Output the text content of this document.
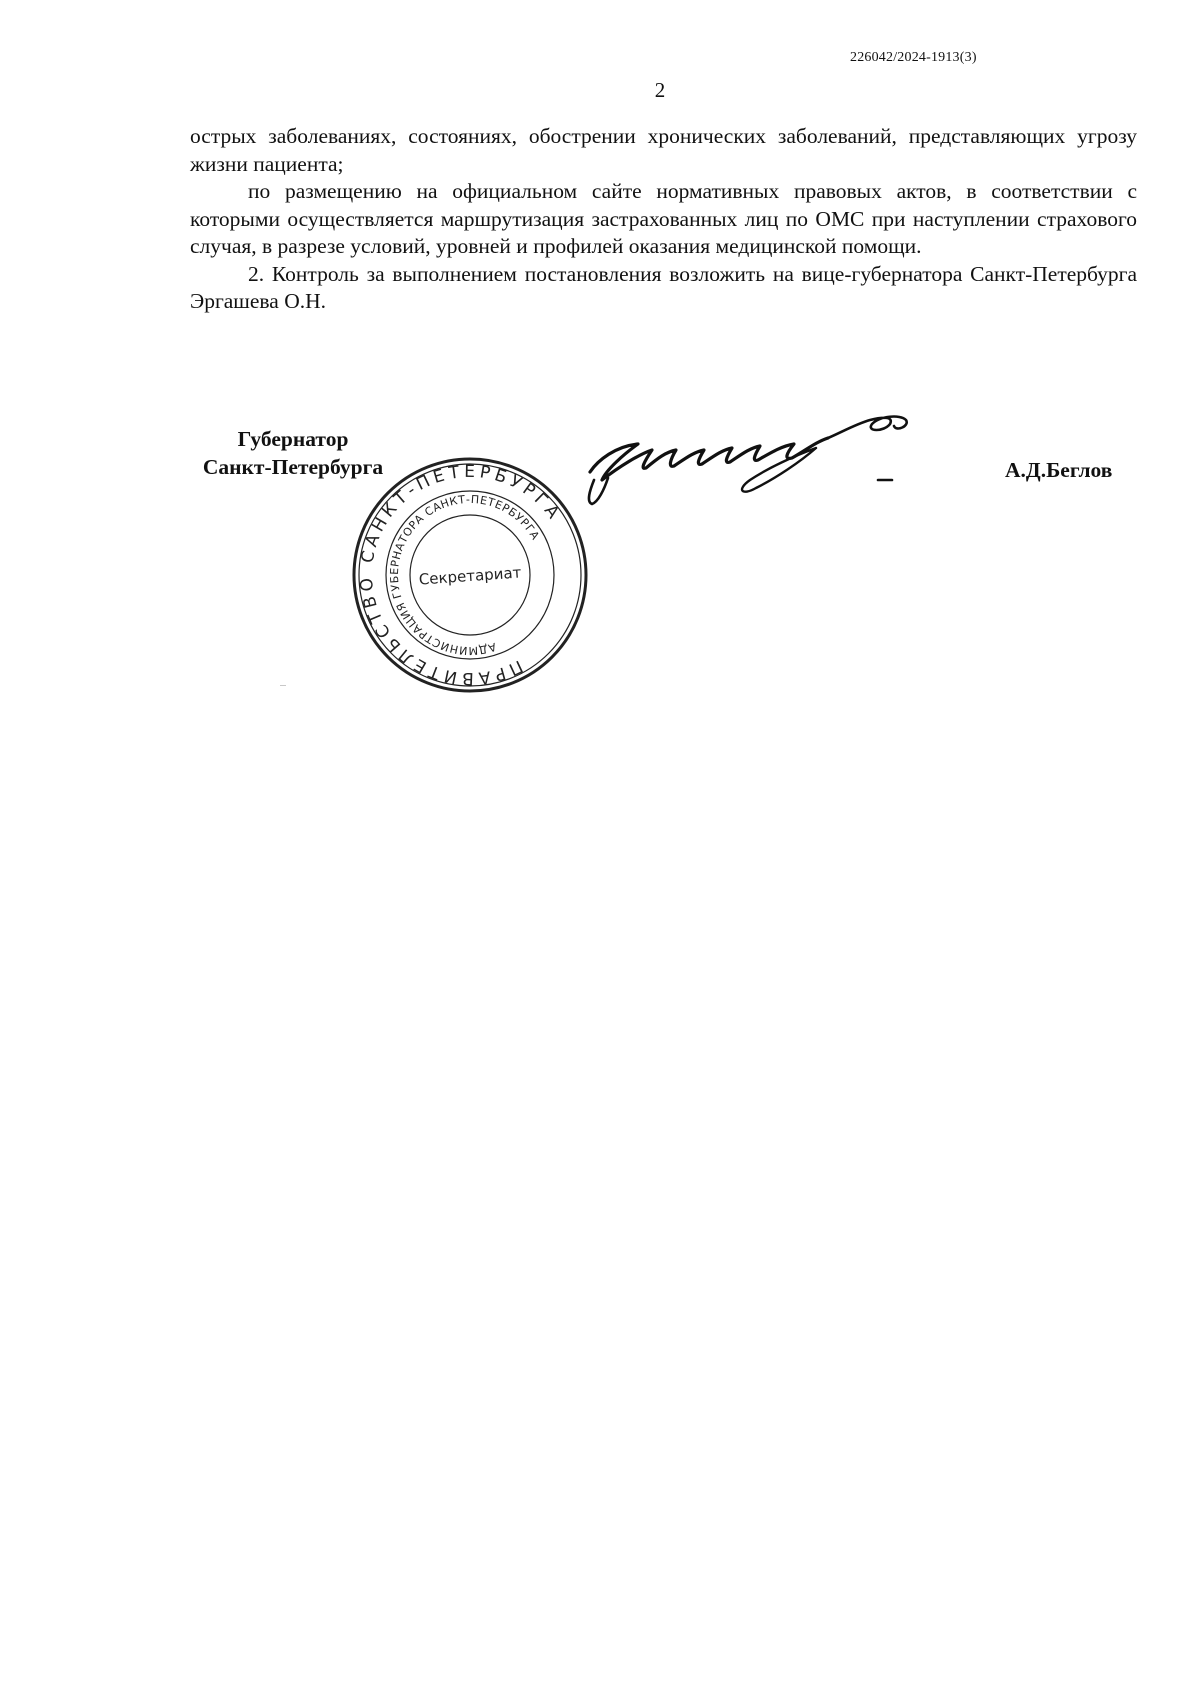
226042/2024-1913(3)
2

острых заболеваниях, состояниях, обострении хронических заболеваний, представляющих угрозу жизни пациента;

по размещению на официальном сайте нормативных правовых актов, в соответствии с которыми осуществляется маршрутизация застрахованных лиц по ОМС при наступлении страхового случая, в разрезе условий, уровней и профилей оказания медицинской помощи.

2. Контроль за выполнением постановления возложить на вице-губернатора Санкт-Петербурга Эргашева О.Н.

Губернатор
Санкт-Петербурга
ПРАВИТЕЛЬСТВО САНКТ-ПЕТЕРБУРГА
АДМИНИСТРАЦИЯ ГУБЕРНАТОРА САНКТ-ПЕТЕРБУРГА
Секретариат
А.Д.Беглов
